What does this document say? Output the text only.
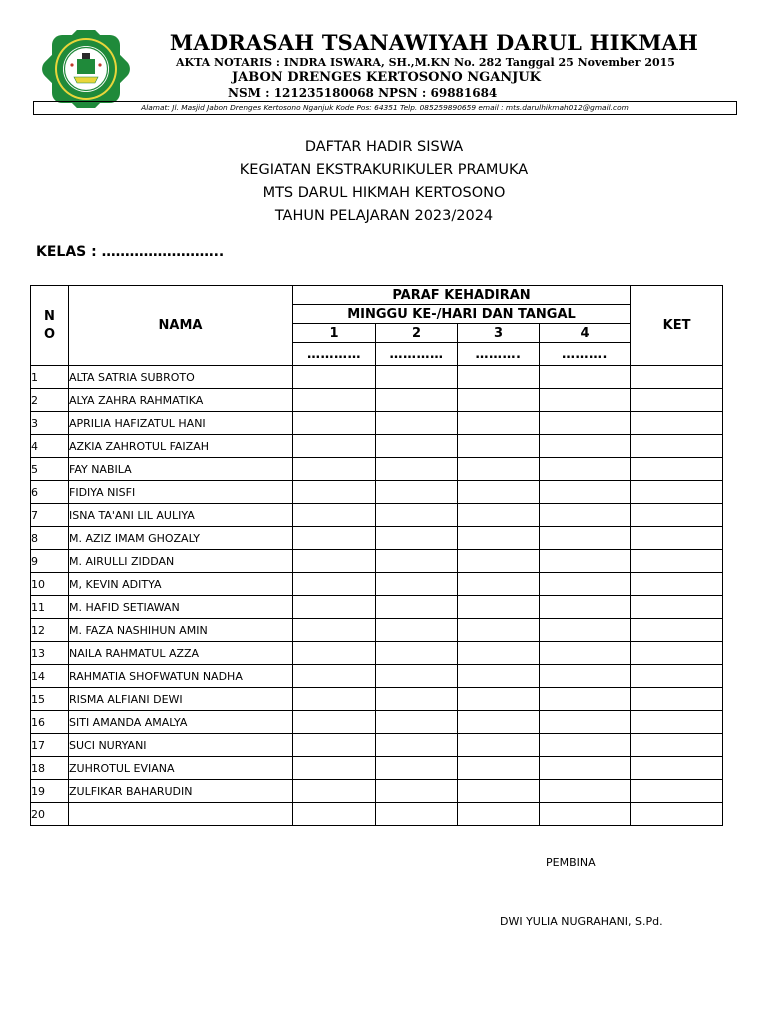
MADRASAH TSANAWIYAH DARUL HIKMAH
AKTA NOTARIS : INDRA ISWARA, SH.,M.KN No. 282 Tanggal 25 November 2015
JABON DRENGES KERTOSONO NGANJUK
NSM : 121235180068 NPSN : 69881684
Alamat: Jl. Masjid Jabon Drenges Kertosono Nganjuk Kode Pos: 64351 Telp. 085259890659 email : mts.darulhikmah012@gmail.com
DAFTAR HADIR SISWA
KEGIATAN EKSTRAKURIKULER PRAMUKA
MTS DARUL HIKMAH KERTOSONO
TAHUN PELAJARAN 2023/2024
KELAS : ……………………..
N
O	NAMA	PARAF KEHADIRAN				KET
		MINGGU KE-/HARI DAN TANGAL				
		1	2	3	4	
		…………	…………	……….	……….	
1	ALTA SATRIA SUBROTO					
2	ALYA ZAHRA RAHMATIKA					
3	APRILIA HAFIZATUL HANI					
4	AZKIA ZAHROTUL FAIZAH					
5	FAY NABILA					
6	FIDIYA NISFI					
7	ISNA TA'ANI LIL AULIYA					
8	M. AZIZ IMAM GHOZALY					
9	M. AIRULLI ZIDDAN					
10	M, KEVIN ADITYA					
11	M. HAFID SETIAWAN					
12	M. FAZA NASHIHUN AMIN					
13	NAILA RAHMATUL AZZA					
14	RAHMATIA SHOFWATUN NADHA					
15	RISMA ALFIANI DEWI					
16	SITI AMANDA AMALYA					
17	SUCI NURYANI					
18	ZUHROTUL EVIANA					
19	ZULFIKAR BAHARUDIN					
20						
PEMBINA
DWI YULIA NUGRAHANI, S.Pd.
